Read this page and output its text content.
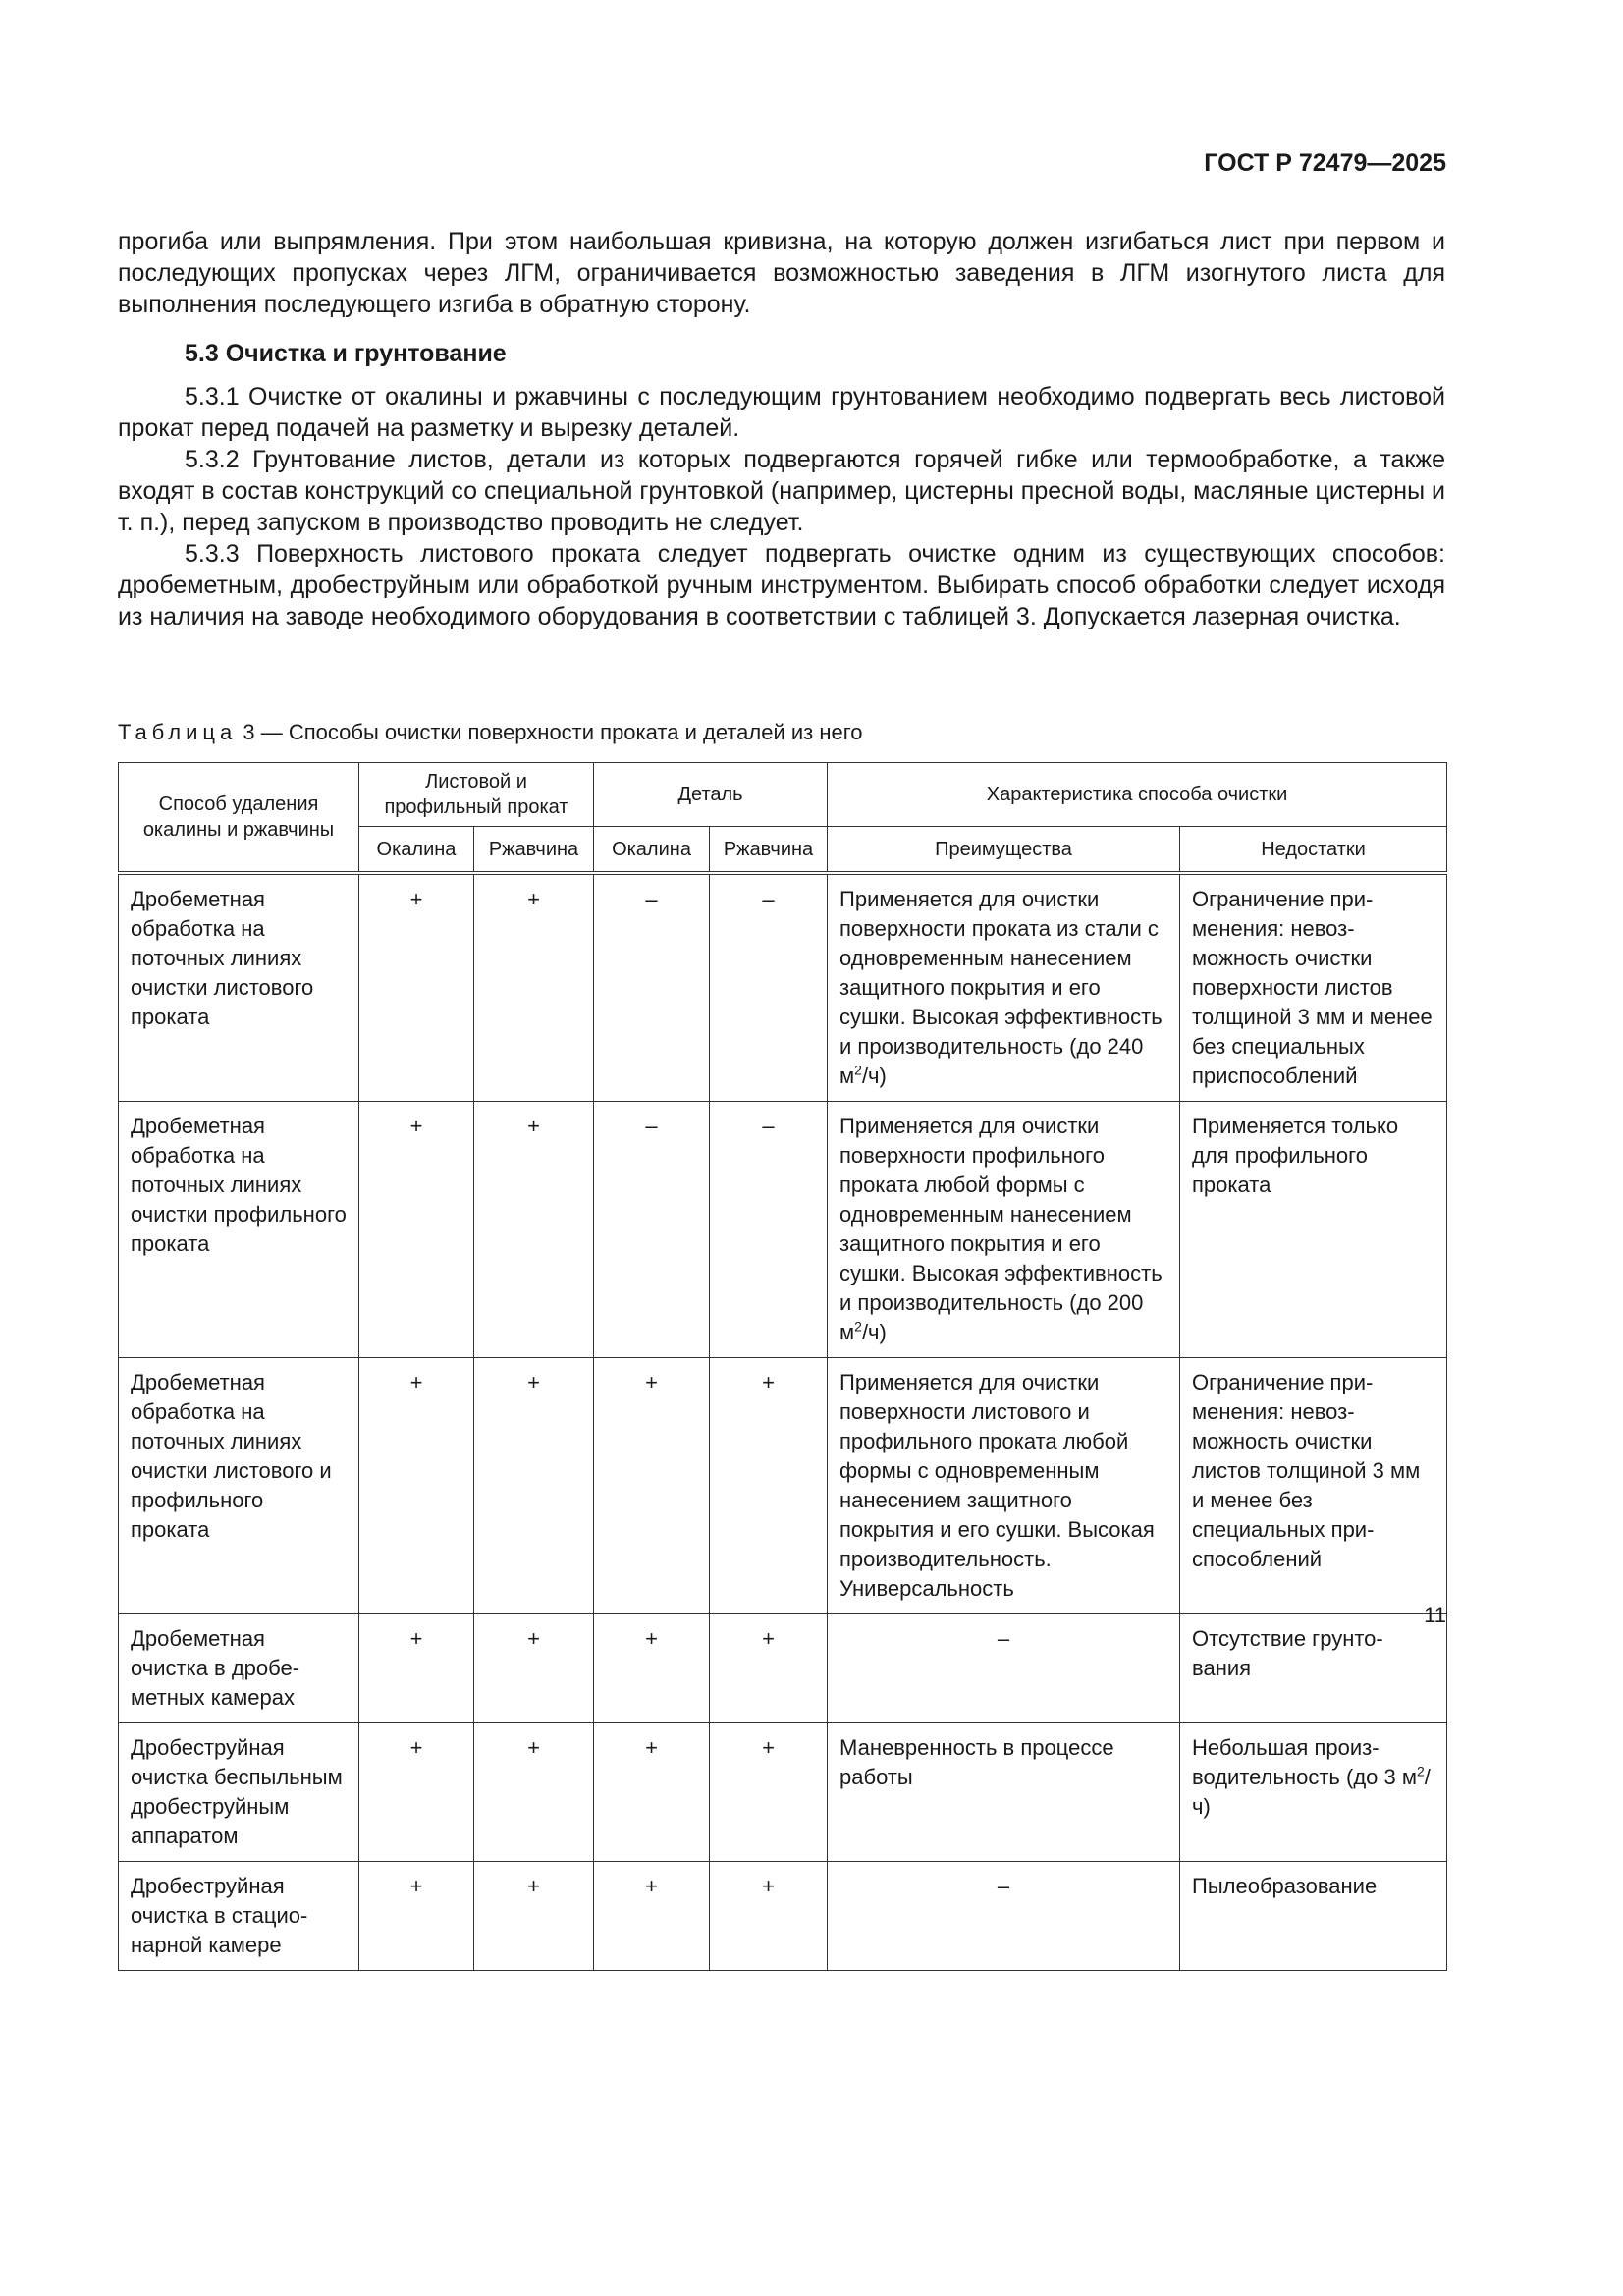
ГОСТ Р 72479—2025

прогиба или выпрямления. При этом наибольшая кривизна, на которую должен изгибаться лист при первом и последующих пропусках через ЛГМ, ограничивается возможностью заведения в ЛГМ изогнутого листа для выполнения последующего изгиба в обратную сторону.

5.3 Очистка и грунтование

5.3.1 Очистке от окалины и ржавчины с последующим грунтованием необходимо подвергать весь листовой прокат перед подачей на разметку и вырезку деталей.

5.3.2 Грунтование листов, детали из которых подвергаются горячей гибке или термообработке, а также входят в состав конструкций со специальной грунтовкой (например, цистерны пресной воды, масляные цистерны и т. п.), перед запуском в производство проводить не следует.

5.3.3 Поверхность листового проката следует подвергать очистке одним из существующих способов: дробеметным, дробеструйным или обработкой ручным инструментом. Выбирать способ обработки следует исходя из наличия на заводе необходимого оборудования в соответствии с таблицей 3. Допускается лазерная очистка.

Таблица 3 — Способы очистки поверхности проката и деталей из него
Способ удаления окалины и ржавчины	Листовой и профильный прокат		Деталь		Характеристика способа очистки	
	Окалина	Ржавчина	Окалина	Ржавчина	Преимущества	Недостатки
Дробеметная обработка на поточных линиях очистки листового проката	+	+	–	–	Применяется для очистки поверхности проката из стали с одновременным нанесением защитного покрытия и его сушки. Высокая эффективность и производительность (до 240 $м^2/ч$)	Ограничение применения: невозможность очистки поверхности листов толщиной 3 мм и менее без специальных приспособлений
Дробеметная обработка на поточных линиях очистки профильного проката	+	+	–	–	Применяется для очистки поверхности профильного проката любой формы с одновременным нанесением защитного покрытия и его сушки. Высокая эффективность и производительность (до 200 $м^2/ч$)	Применяется только для профильного проката
Дробеметная обработка на поточных линиях очистки листового и профильного проката	+	+	+	+	Применяется для очистки поверхности листового и профильного проката любой формы с одновременным нанесением защитного покрытия и его сушки. Высокая производительность. Универсальность	Ограничение применения: невозможность очистки листов толщиной 3 мм и менее без специальных приспособлений
Дробеметная очистка в дробеметных камерах	+	+	+	+	–	Отсутствие грунтования
Дробеструйная очистка беспыльным дробеструйным аппаратом	+	+	+	+	Маневренность в процессе работы	Небольшая производительность (до 3 $м^2/ч$)
Дробеструйная очистка в стационарной камере	+	+	+	+	–	Пылеобразование
11
